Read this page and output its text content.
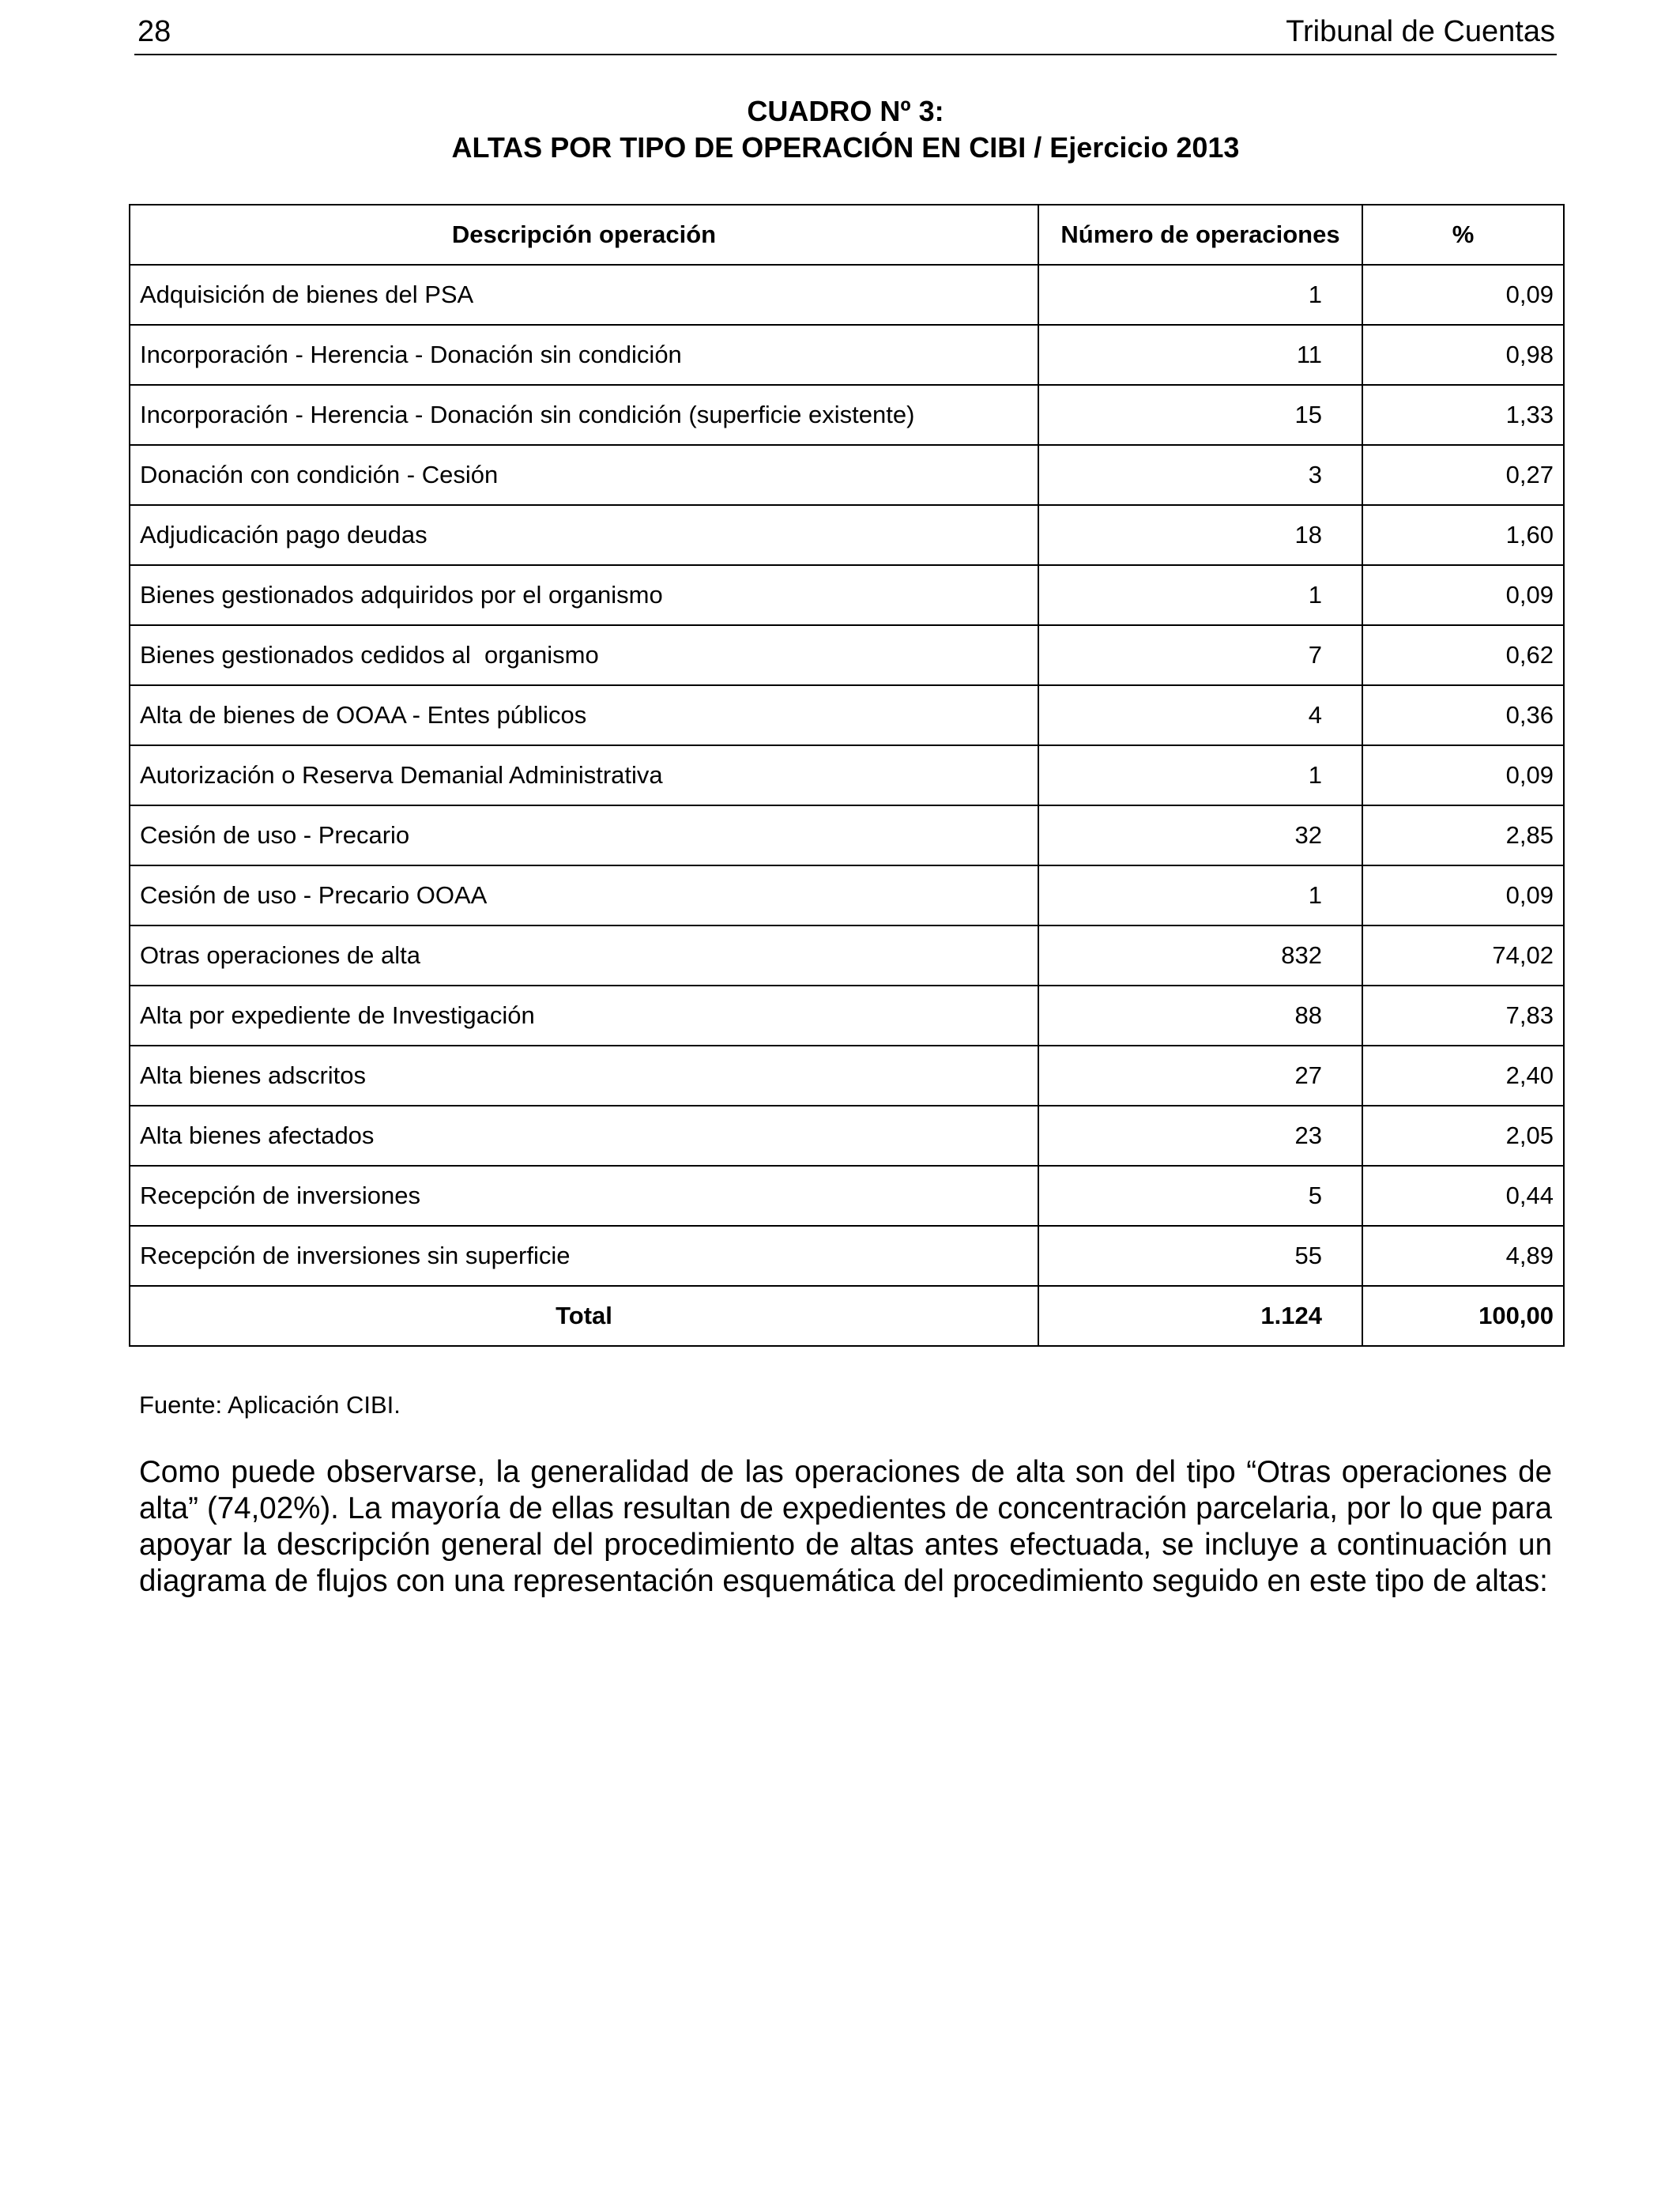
28	Tribunal de Cuentas
CUADRO Nº 3:
ALTAS POR TIPO DE OPERACIÓN EN CIBI / Ejercicio 2013
Descripción operación	Número de operaciones	%
Adquisición de bienes del PSA	1	0,09
Incorporación - Herencia - Donación sin condición	11	0,98
Incorporación - Herencia - Donación sin condición (superficie existente)	15	1,33
Donación con condición - Cesión	3	0,27
Adjudicación pago deudas	18	1,60
Bienes gestionados adquiridos por el organismo	1	0,09
Bienes gestionados cedidos al  organismo	7	0,62
Alta de bienes de OOAA - Entes públicos	4	0,36
Autorización o Reserva Demanial Administrativa	1	0,09
Cesión de uso - Precario	32	2,85
Cesión de uso - Precario OOAA	1	0,09
Otras operaciones de alta	832	74,02
Alta por expediente de Investigación	88	7,83
Alta bienes adscritos	27	2,40
Alta bienes afectados	23	2,05
Recepción de inversiones	5	0,44
Recepción de inversiones sin superficie	55	4,89
Total	1.124	100,00
Fuente: Aplicación CIBI.

Como puede observarse, la generalidad de las operaciones de alta son del tipo “Otras operaciones de alta” (74,02%). La mayoría de ellas resultan de expedientes de concentración parcelaria, por lo que para apoyar la descripción general del procedimiento de altas antes efectuada, se incluye a continuación un diagrama de flujos con una representación esquemática del procedimiento seguido en este tipo de altas:
